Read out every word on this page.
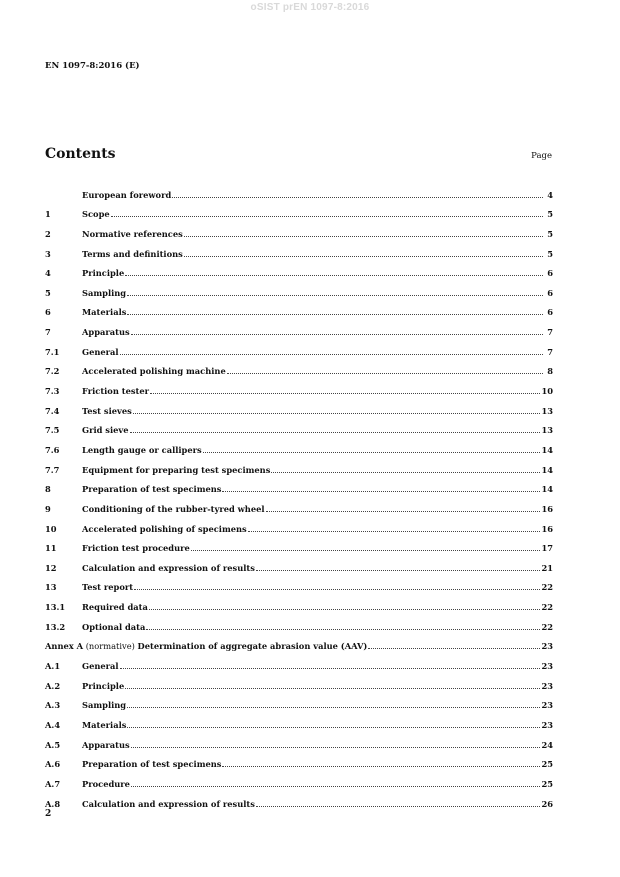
oSIST prEN 1097-8:2016
EN 1097-8:2016 (E)
Contents	Page
European foreword	4
1	Scope	5
2	Normative references	5
3	Terms and definitions	5
4	Principle	6
5	Sampling	6
6	Materials	6
7	Apparatus	7
7.1	General	7
7.2	Accelerated polishing machine	8
7.3	Friction tester	10
7.4	Test sieves	13
7.5	Grid sieve	13
7.6	Length gauge or callipers	14
7.7	Equipment for preparing test specimens	14
8	Preparation of test specimens	14
9	Conditioning of the rubber-tyred wheel	16
10	Accelerated polishing of specimens	16
11	Friction test procedure	17
12	Calculation and expression of results	21
13	Test report	22
13.1	Required data	22
13.2	Optional data	22
Annex A (normative) Determination of aggregate abrasion value (AAV)	23
A.1	General	23
A.2	Principle	23
A.3	Sampling	23
A.4	Materials	23
A.5	Apparatus	24
A.6	Preparation of test specimens	25
A.7	Procedure	25
A.8	Calculation and expression of results	26
2
